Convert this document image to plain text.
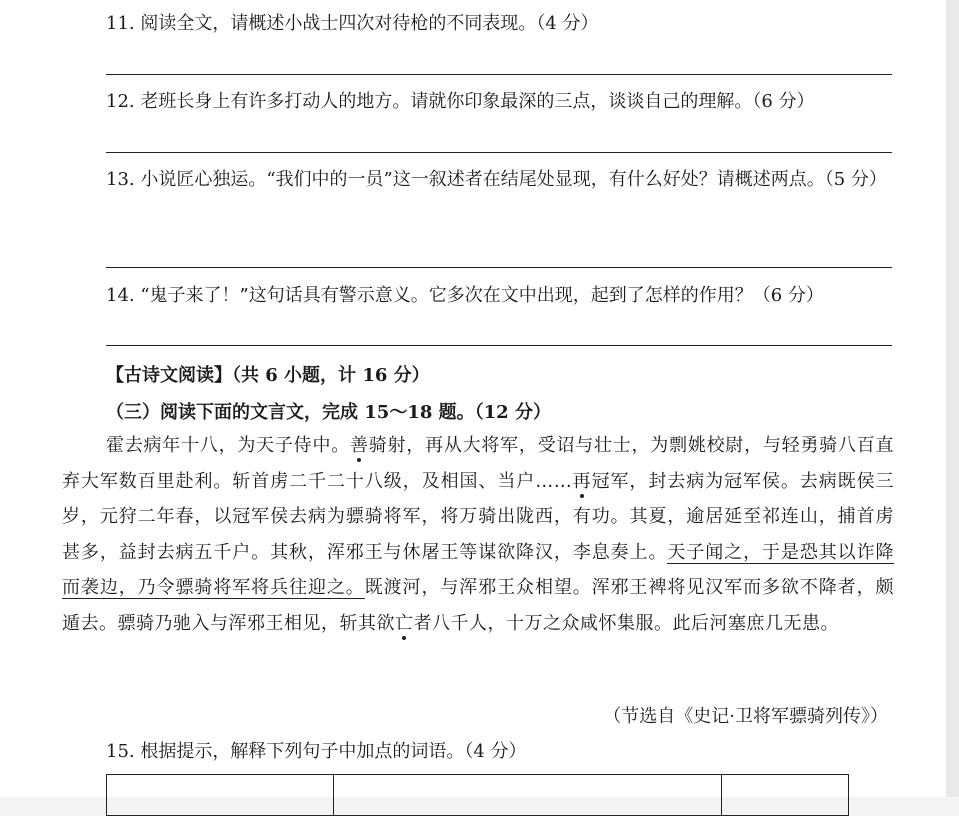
11. 阅读全文，请概述小战士四次对待枪的不同表现。（4 分）
12. 老班长身上有许多打动人的地方。请就你印象最深的三点，谈谈自己的理解。（6 分）
13. 小说匠心独运。“我们中的一员”这一叙述者在结尾处显现，有什么好处？请概述两点。（5 分）
14. “鬼子来了！”这句话具有警示意义。它多次在文中出现，起到了怎样的作用？（6 分）
【古诗文阅读】（共 6 小题，计 16 分）
（三）阅读下面的文言文，完成 15～18 题。（12 分）
霍去病年十八，为天子侍中。善骑射，再从大将军，受诏与壮士，为剽姚校尉，与轻勇骑八百直弃大军数百里赴利。斩首虏二千二十八级，及相国、当户……再冠军，封去病为冠军侯。去病既侯三岁，元狩二年春，以冠军侯去病为骠骑将军，将万骑出陇西，有功。其夏，逾居延至祁连山，捕首虏甚多，益封去病五千户。其秋，浑邪王与休屠王等谋欲降汉，李息奏上。天子闻之，于是恐其以诈降而袭边，乃令骠骑将军将兵往迎之。既渡河，与浑邪王众相望。浑邪王裨将见汉军而多欲不降者，颇遁去。骠骑乃驰入与浑邪王相见，斩其欲亡者八千人，十万之众咸怀集服。此后河塞庶几无患。
（节选自《史记·卫将军骠骑列传》）
15. 根据提示，解释下列句子中加点的词语。（4 分）
